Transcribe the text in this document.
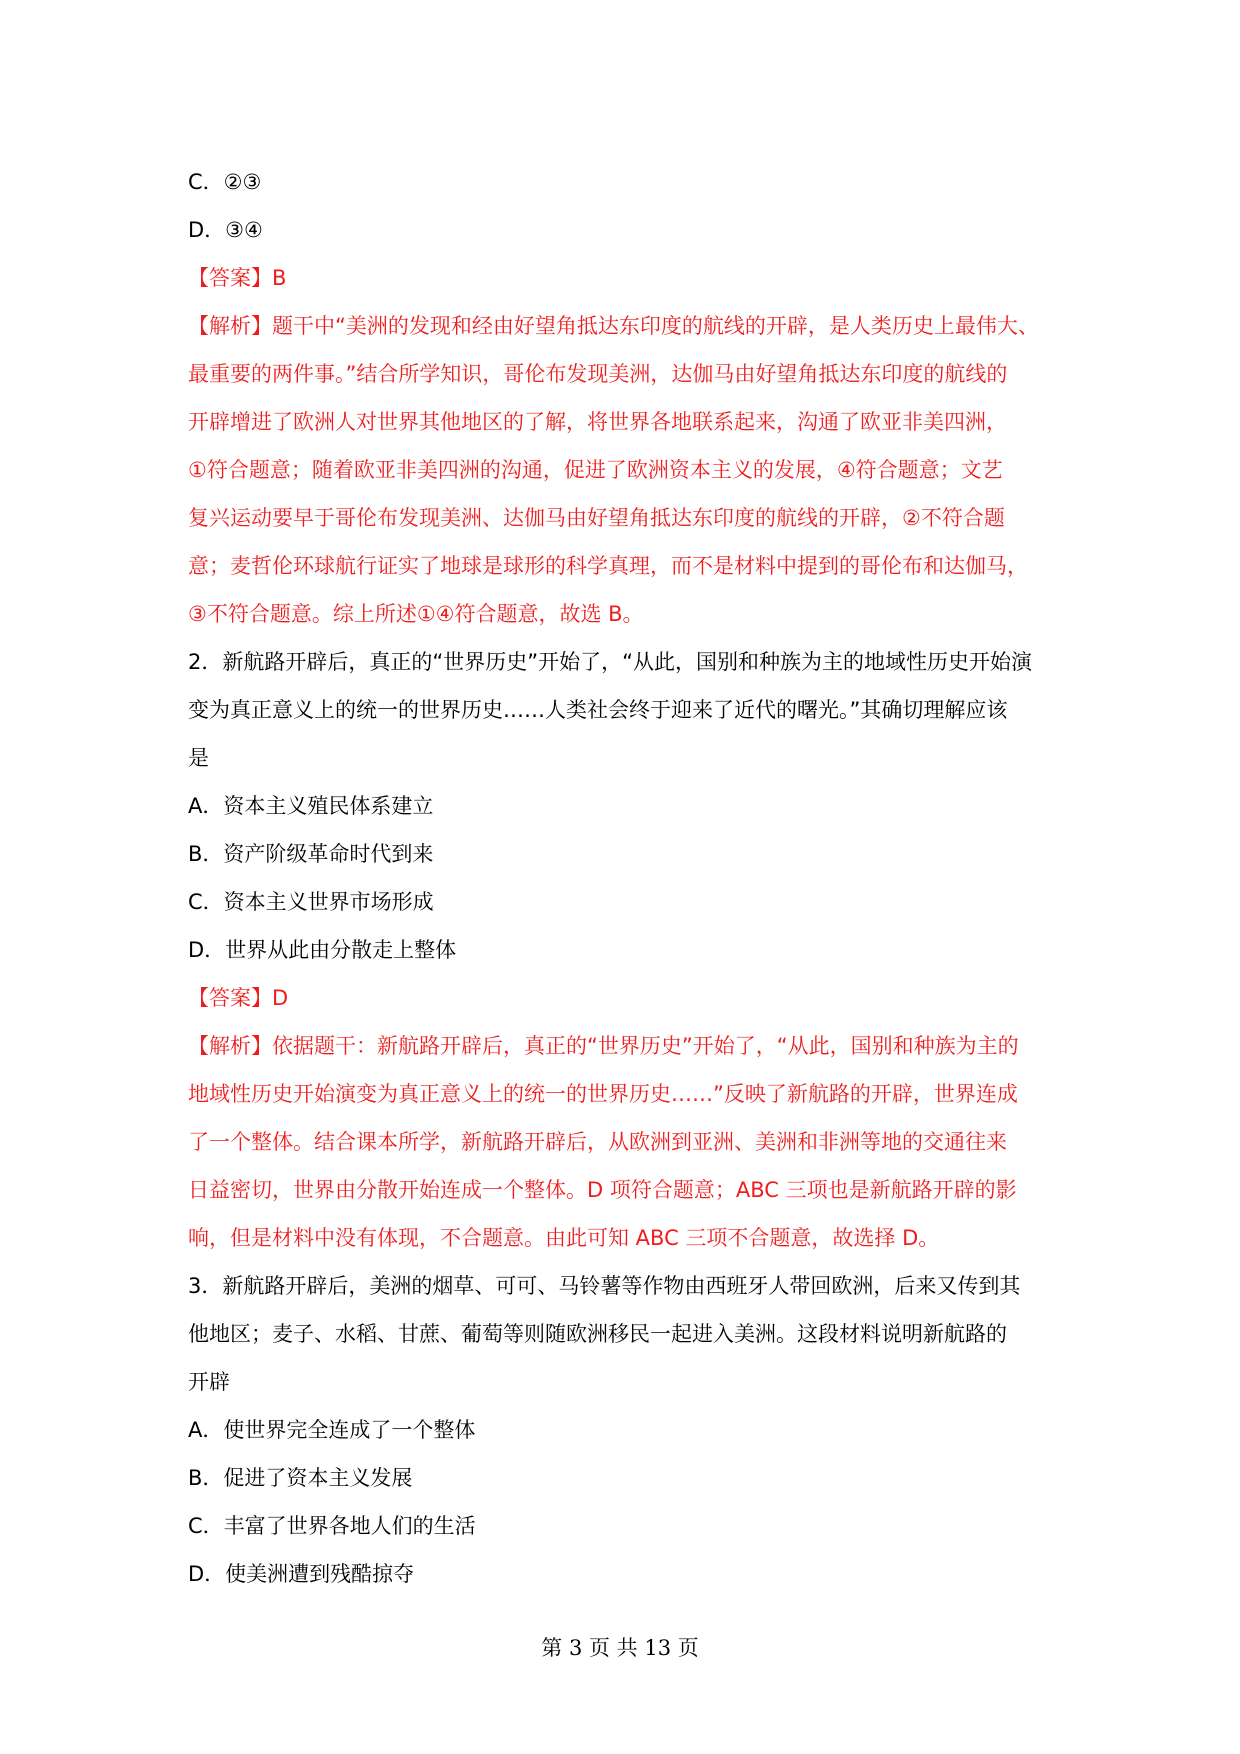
C．②③
D．③④
【答案】B
【解析】题干中“美洲的发现和经由好望角抵达东印度的航线的开辟，是人类历史上最伟大、
最重要的两件事。”结合所学知识，哥伦布发现美洲，达伽马由好望角抵达东印度的航线的
开辟增进了欧洲人对世界其他地区的了解，将世界各地联系起来，沟通了欧亚非美四洲，
①符合题意；随着欧亚非美四洲的沟通，促进了欧洲资本主义的发展，④符合题意；文艺
复兴运动要早于哥伦布发现美洲、达伽马由好望角抵达东印度的航线的开辟，②不符合题
意；麦哲伦环球航行证实了地球是球形的科学真理，而不是材料中提到的哥伦布和达伽马，
③不符合题意。综上所述①④符合题意，故选 B。
2．新航路开辟后，真正的“世界历史”开始了，“从此，国别和种族为主的地域性历史开始演
变为真正意义上的统一的世界历史……人类社会终于迎来了近代的曙光。”其确切理解应该
是
A．资本主义殖民体系建立
B．资产阶级革命时代到来
C．资本主义世界市场形成
D．世界从此由分散走上整体
【答案】D
【解析】依据题干：新航路开辟后，真正的“世界历史”开始了，“从此，国别和种族为主的
地域性历史开始演变为真正意义上的统一的世界历史……”反映了新航路的开辟，世界连成
了一个整体。结合课本所学，新航路开辟后，从欧洲到亚洲、美洲和非洲等地的交通往来
日益密切，世界由分散开始连成一个整体。D 项符合题意；ABC 三项也是新航路开辟的影
响，但是材料中没有体现，不合题意。由此可知 ABC 三项不合题意，故选择 D。
3．新航路开辟后，美洲的烟草、可可、马铃薯等作物由西班牙人带回欧洲，后来又传到其
他地区；麦子、水稻、甘蔗、葡萄等则随欧洲移民一起进入美洲。这段材料说明新航路的
开辟
A．使世界完全连成了一个整体
B．促进了资本主义发展
C．丰富了世界各地人们的生活
D．使美洲遭到残酷掠夺
第 3 页 共 13 页
